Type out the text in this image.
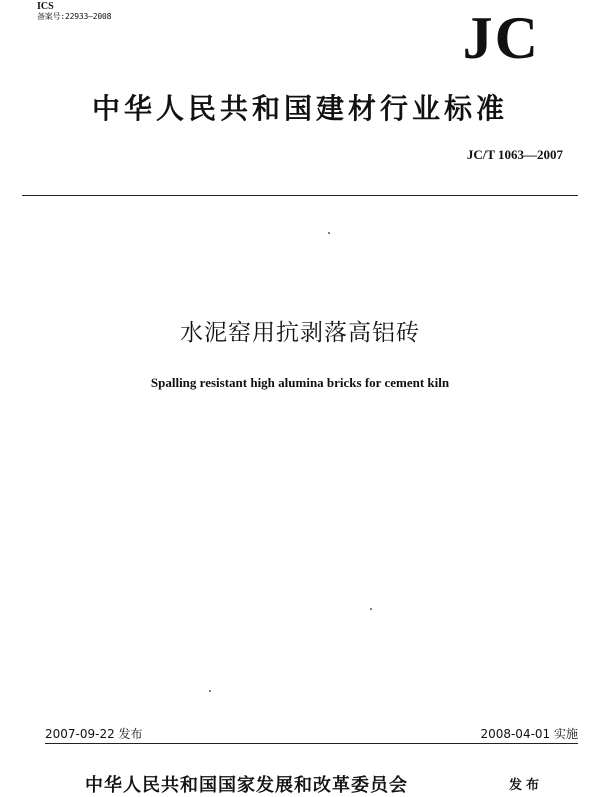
ICS
备案号:22933—2008	JC
中华人民共和国建材行业标准
JC/T 1063—2007
水泥窑用抗剥落高铝砖
Spalling resistant high alumina bricks for cement kiln
2007-09-22 发布	2008-04-01 实施
中华人民共和国国家发展和改革委员会	发布
